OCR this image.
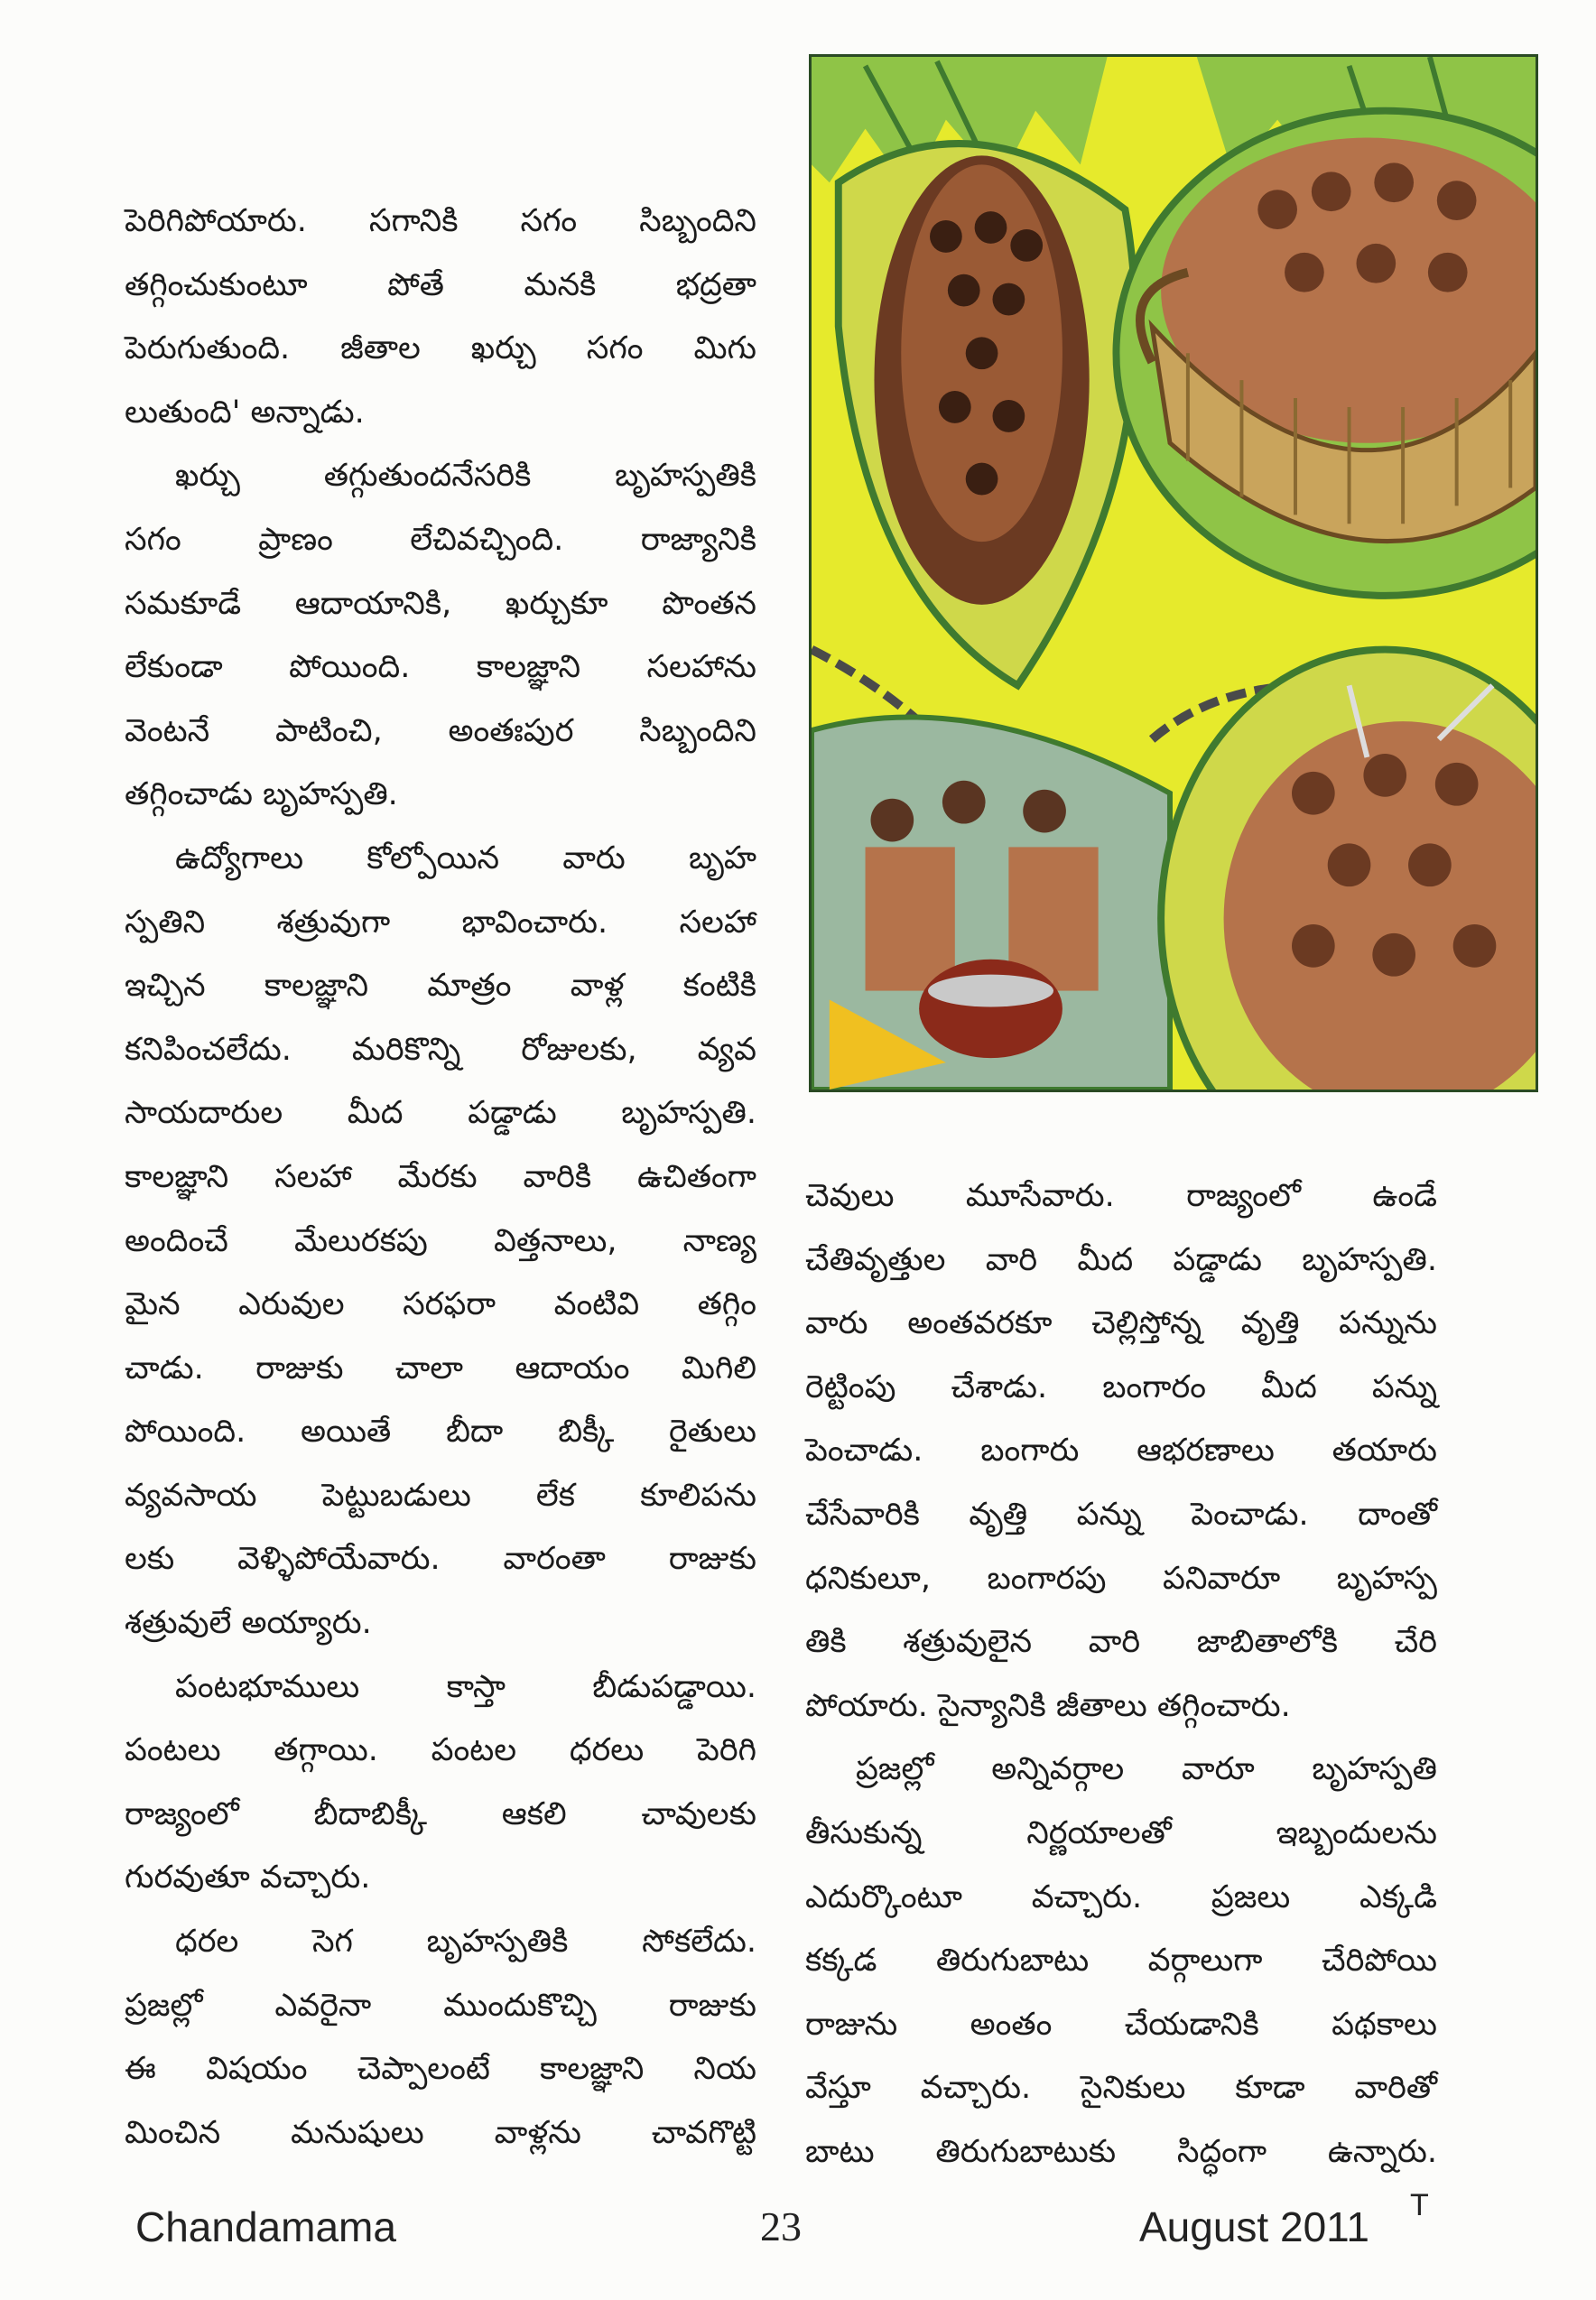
పెరిగిపోయారు. సగానికి సగం సిబ్బందిని

తగ్గించుకుంటూ పోతే మనకి భద్రతా

పెరుగుతుంది. జీతాల ఖర్చు సగం మిగు

లుతుంది' అన్నాడు.

ఖర్చు తగ్గుతుందనేసరికి బృహస్పతికి

సగం ప్రాణం లేచివచ్చింది. రాజ్యానికి

సమకూడే ఆదాయానికి, ఖర్చుకూ పొంతన

లేకుండా పోయింది. కాలజ్ఞాని సలహాను

వెంటనే పాటించి, అంతఃపుర సిబ్బందిని

తగ్గించాడు బృహస్పతి.

ఉద్యోగాలు కోల్పోయిన వారు బృహ

స్పతిని శత్రువుగా భావించారు. సలహా

ఇచ్చిన కాలజ్ఞాని మాత్రం వాళ్ల కంటికి

కనిపించలేదు. మరికొన్ని రోజులకు, వ్యవ

సాయదారుల మీద పడ్డాడు బృహస్పతి.

కాలజ్ఞాని సలహా మేరకు వారికి ఉచితంగా

అందించే మేలురకపు విత్తనాలు, నాణ్య

మైన ఎరువుల సరఫరా వంటివి తగ్గిం

చాడు. రాజుకు చాలా ఆదాయం మిగిలి

పోయింది. అయితే బీదా బిక్కీ రైతులు

వ్యవసాయ పెట్టుబడులు లేక కూలిపను

లకు వెళ్ళిపోయేవారు. వారంతా రాజుకు

శత్రువులే అయ్యారు.

పంటభూములు కాస్తా బీడుపడ్డాయి.

పంటలు తగ్గాయి. పంటల ధరలు పెరిగి

రాజ్యంలో బీదాబిక్కీ ఆకలి చావులకు

గురవుతూ వచ్చారు.

ధరల సెగ బృహస్పతికి సోకలేదు.

ప్రజల్లో ఎవరైనా ముందుకొచ్చి రాజుకు

ఈ విషయం చెప్పాలంటే కాలజ్ఞాని నియ

మించిన మనుషులు వాళ్లను చావగొట్టి

చెవులు మూసేవారు. రాజ్యంలో ఉండే

చేతివృత్తుల వారి మీద పడ్డాడు బృహస్పతి.

వారు అంతవరకూ చెల్లిస్తోన్న వృత్తి పన్నును

రెట్టింపు చేశాడు. బంగారం మీద పన్ను

పెంచాడు. బంగారు ఆభరణాలు తయారు

చేసేవారికి వృత్తి పన్ను పెంచాడు. దాంతో

ధనికులూ, బంగారపు పనివారూ బృహస్ప

తికి శత్రువులైన వారి జాబితాలోకి చేరి

పోయారు. సైన్యానికి జీతాలు తగ్గించారు.

ప్రజల్లో అన్నివర్గాల వారూ బృహస్పతి

తీసుకున్న నిర్ణయాలతో ఇబ్బందులను

ఎదుర్కొంటూ వచ్చారు. ప్రజలు ఎక్కడి

కక్కడ తిరుగుబాటు వర్గాలుగా చేరిపోయి

రాజును అంతం చేయడానికి పథకాలు

వేస్తూ వచ్చారు. సైనికులు కూడా వారితో

బాటు తిరుగుబాటుకు సిద్ధంగా ఉన్నారు.

Chandamama	23	August 2011 T
